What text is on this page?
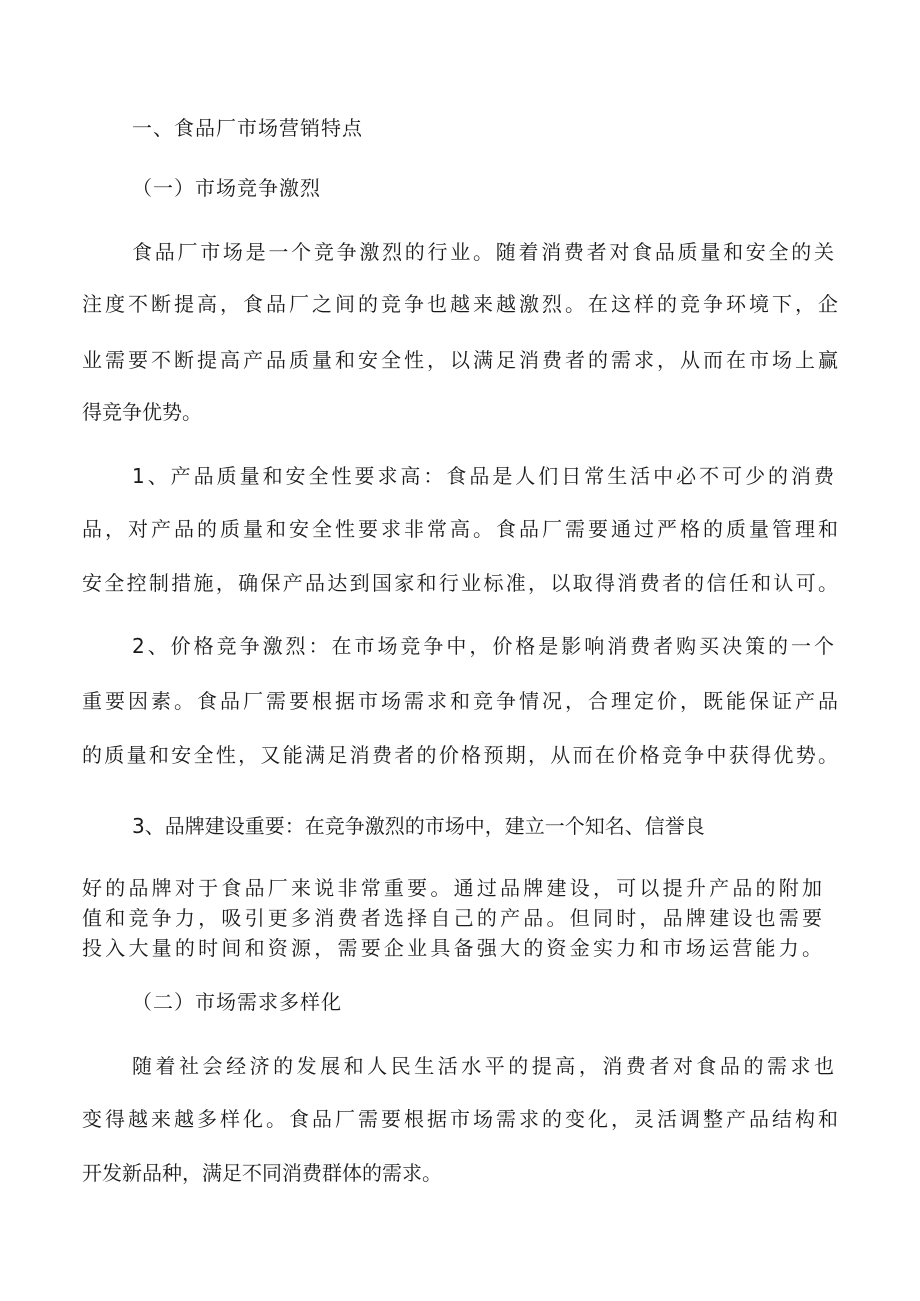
一、食品厂市场营销特点
（一）市场竞争激烈
食品厂市场是一个竞争激烈的行业。随着消费者对食品质量和安全的关
注度不断提高，食品厂之间的竞争也越来越激烈。在这样的竞争环境下，企
业需要不断提高产品质量和安全性，以满足消费者的需求，从而在市场上赢
得竞争优势。
1、产品质量和安全性要求高：食品是人们日常生活中必不可少的消费
品，对产品的质量和安全性要求非常高。食品厂需要通过严格的质量管理和
安全控制措施，确保产品达到国家和行业标准，以取得消费者的信任和认可。
2、价格竞争激烈：在市场竞争中，价格是影响消费者购买决策的一个
重要因素。食品厂需要根据市场需求和竞争情况，合理定价，既能保证产品
的质量和安全性，又能满足消费者的价格预期，从而在价格竞争中获得优势。
3、品牌建设重要：在竞争激烈的市场中，建立一个知名、信誉良
好的品牌对于食品厂来说非常重要。通过品牌建设，可以提升产品的附加
值和竞争力，吸引更多消费者选择自己的产品。但同时，品牌建设也需要
投入大量的时间和资源，需要企业具备强大的资金实力和市场运营能力。
（二）市场需求多样化
随着社会经济的发展和人民生活水平的提高，消费者对食品的需求也
变得越来越多样化。食品厂需要根据市场需求的变化，灵活调整产品结构和
开发新品种，满足不同消费群体的需求。
